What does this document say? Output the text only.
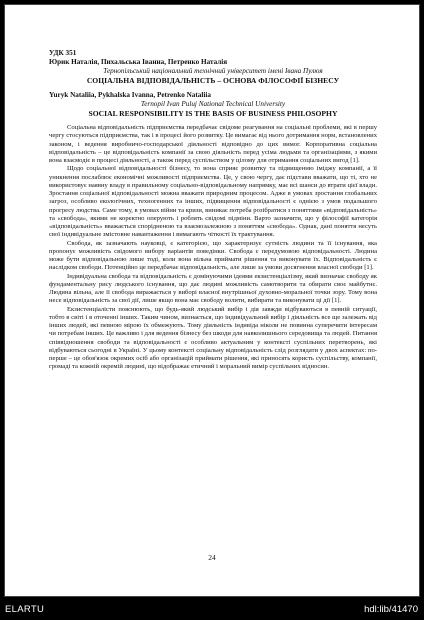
УДК 351
Юрик Наталія, Пихальська Іванна, Петренко Наталія
Тернопільський національний технічний університет імені Івана Пулюя
СОЦІАЛЬНА ВІДПОВІДАЛЬНІСТЬ – ОСНОВА ФІЛОСОФІЇ БІЗНЕСУ
Yuryk Nataliia, Pykhalska Ivanna, Petrenko Nataliia
Ternopil Ivan Puluj National Technical University
SOCIAL RESPONSIBILITY IS THE BASIS OF BUSINESS PHILOSOPHY

Соціальна відповідальність підприємства передбачає свідоме реагування на соціальні проблеми, які в першу чергу стосуються підприємства, так і в процесі його розвитку. Це вимагає від нього дотримання норм, встановлених законом, і ведення виробничо-господарської діяльності відповідно до цих вимог. Корпоративна соціальна відповідальність – це відповідальність компанії за свою діяльність перед усіма людьми та організаціями, з якими вона взаємодіє в процесі діяльності, а також перед суспільством у цілому для отримання соціальних вигод [1].

Щодо соціальної відповідальності бізнесу, то вона сприяє розвитку та підвищенню іміджу компанії, а її уникнення послаблює економічні можливості підприємства. Це, у свою чергу, дає підстави вважати, що ті, хто не використовує наявну владу в правильному соціально-відповідальному напрямку, має всі шанси до втрати цієї влади. Зростання соціальної відповідальності можна вважати природним процесом. Адже в умовах зростання глобальних загроз, особливо екологічних, техногенних та інших, підвищення відповідальності є однією з умов подальшого прогресу людства. Саме тому, в умовах війни та кризи, виникає потреба розібратися з поняттями «відповідальність» та «свобода», якими не коректно оперують і роблять свідомі підміни. Варто зазначити, що у філософії категорія «відповідальність» вважається спорідненою та взаємозалежною з поняттям «свобода». Однак, дані поняття несуть свої індивідуальне змістовне навантаження і вимагають чіткості їх трактування.

Свобода, як зазначають науковці, є категорією, що характеризує сутність людини та її існування, яка пропонує можливість свідомого вибору варіантів поведінки. Свобода є передумовою відповідальності. Людина може бути відповідальною лише тоді, коли вона вільна приймати рішення та виконувати їх. Відповідальність є наслідком свободи. Потенційно це передбачає відповідальність, але лише за умови досягнення власної свободи [1].

Індивідуальна свобода та відповідальність є домінуючими ідеями екзистенціалізму, який визначає свободу як фундаментальну рису людського існування, що дає людині можливість самотворити та обирати своє майбутнє. Людина вільна, але її свобода виражається у виборі власної внутрішньої духовно-моральної точки зору. Тому вона несе відповідальність за свої дії, лише якщо вона має свободу волити, вибирати та виконувати ці дії [1].

Екзистенціалісти пояснюють, що будь-який людський вибір і дія завжди відбуваються в певній ситуації, тобто в світі і в оточенні інших. Таким чином, визнається, що індивідуальний вибір і діяльність все ще залежать від інших людей, які певною мірою їх обмежують. Тому діяльність індивіда ніколи не повинна суперечити інтересам чи потребам інших. Це важливо і для ведення бізнесу без шкоди для навколишнього середовища та людей. Питання співвідношення свободи та відповідальності є особливо актуальним у контексті суспільних перетворень, які відбуваються сьогодні в Україні. У цьому контексті соціальну відповідальність слід розглядати у двох аспектах: по-перше – це обов'язок окремих осіб або організацій приймати рішення, які приносять користь суспільству, компанії, громаді та кожній окремій людині, що відображає етичний і моральний вимір суспільних відносин.

24
ELARTU	hdl:lib/41470
